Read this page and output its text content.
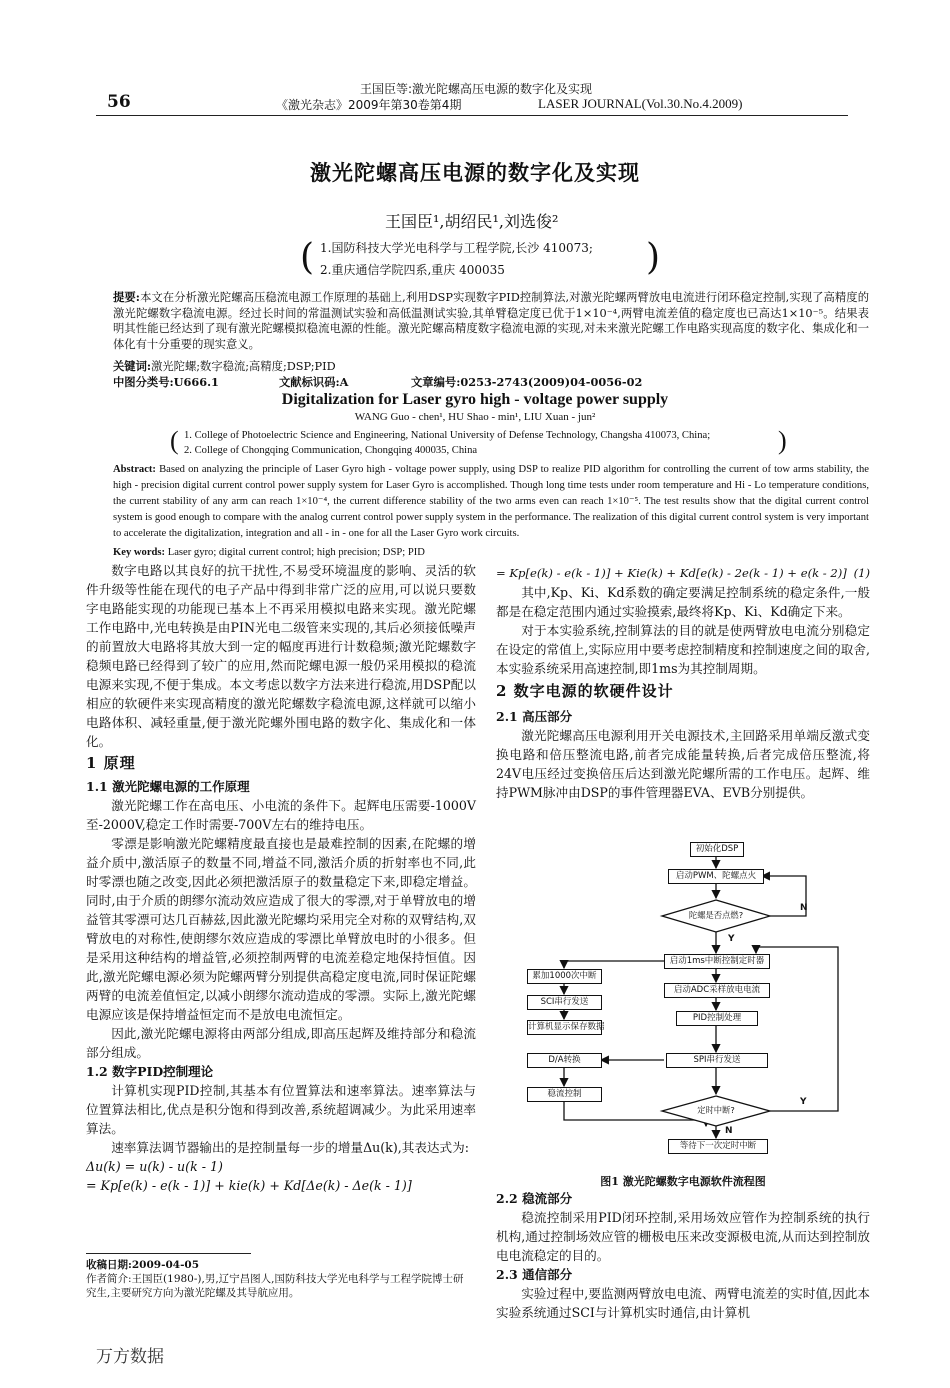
56
王国臣等:激光陀螺高压电源的数字化及实现
《激光杂志》2009年第30卷第4期	LASER JOURNAL(Vol.30.No.4.2009)
激光陀螺高压电源的数字化及实现
王国臣¹,胡绍民¹,刘选俊²
( 1.国防科技大学光电科学与工程学院,长沙 410073;
2.重庆通信学院四系,重庆 400035	)
提要:本文在分析激光陀螺高压稳流电源工作原理的基础上,利用DSP实现数字PID控制算法,对激光陀螺两臂放电电流进行闭环稳定控制,实现了高精度的激光陀螺数字稳流电源。经过长时间的常温测试实验和高低温测试实验,其单臂稳定度已优于1×10⁻⁴,两臂电流差值的稳定度也已高达1×10⁻⁵。结果表明其性能已经达到了现有激光陀螺模拟稳流电源的性能。激光陀螺高精度数字稳流电源的实现,对未来激光陀螺工作电路实现高度的数字化、集成化和一体化有十分重要的现实意义。
关键词:激光陀螺;数字稳流;高精度;DSP;PID
中图分类号:U666.1	文献标识码:A	文章编号:0253-2743(2009)04-0056-02
Digitalization for Laser gyro high - voltage power supply
WANG Guo - chen¹, HU Shao - min¹, LIU Xuan - jun²
( 1. College of Photoelectric Science and Engineering, National University of Defense Technology, Changsha 410073, China;
2. College of Chongqing Communication, Chongqing 400035, China	)
Abstract: Based on analyzing the principle of Laser Gyro high - voltage power supply, using DSP to realize PID algorithm for controlling the current of tow arms stability, the high - precision digital current control power supply system for Laser Gyro is accomplished. Though long time tests under room temperature and Hi - Lo temperature conditions, the current stability of any arm can reach 1×10⁻⁴, the current difference stability of the two arms even can reach 1×10⁻⁵. The test results show that the digital current control system is good enough to compare with the analog current control power supply system in the performance. The realization of this digital current control system is very important to accelerate the digitalization, integration and all - in - one for all the Laser Gyro work circuits.
Key words: Laser gyro; digital current control; high precision; DSP; PID
数字电路以其良好的抗干扰性,不易受环境温度的影响、灵活的软件升级等性能在现代的电子产品中得到非常广泛的应用,可以说只要数字电路能实现的功能现已基本上不再采用模拟电路来实现。激光陀螺工作电路中,光电转换是由PIN光电二级管来实现的,其后必须接低噪声的前置放大电路将其放大到一定的幅度再进行计数稳频;激光陀螺数字稳频电路已经得到了较广的应用,然而陀螺电源一般仍采用模拟的稳流电源来实现,不便于集成。本文考虑以数字方法来进行稳流,用DSP配以相应的软硬件来实现高精度的激光陀螺数字稳流电源,这样就可以缩小电路体积、减轻重量,便于激光陀螺外围电路的数字化、集成化和一体化。
1 原理
1.1 激光陀螺电源的工作原理
激光陀螺工作在高电压、小电流的条件下。起辉电压需要-1000V至-2000V,稳定工作时需要-700V左右的维持电压。
零漂是影响激光陀螺精度最直接也是最难控制的因素,在陀螺的增益介质中,激活原子的数量不同,增益不同,激活介质的折射率也不同,此时零漂也随之改变,因此必须把激活原子的数量稳定下来,即稳定增益。同时,由于介质的朗缪尔流动效应造成了很大的零漂,对于单臂放电的增益管其零漂可达几百赫兹,因此激光陀螺均采用完全对称的双臂结构,双臂放电的对称性,使朗缪尔效应造成的零漂比单臂放电时的小很多。但是采用这种结构的增益管,必须控制两臂的电流差稳定地保持恒值。因此,激光陀螺电源必须为陀螺两臂分别提供高稳定度电流,同时保证陀螺两臂的电流差值恒定,以减小朗缪尔流动造成的零漂。实际上,激光陀螺电源应该是保持增益恒定而不是放电电流恒定。
因此,激光陀螺电源将由两部分组成,即高压起辉及维持部分和稳流部分组成。
1.2 数字PID控制理论
计算机实现PID控制,其基本有位置算法和速率算法。速率算法与位置算法相比,优点是积分饱和得到改善,系统超调减少。为此采用速率算法。
速率算法调节器输出的是控制量每一步的增量Δu(k),其表达式为:
Δu(k) = u(k) - u(k - 1)
= Kp[e(k) - e(k - 1)] + kie(k) + Kd[Δe(k) - Δe(k - 1)]
收稿日期:2009-04-05
作者简介:王国臣(1980-),男,辽宁昌图人,国防科技大学光电科学与工程学院博士研究生,主要研究方向为激光陀螺及其导航应用。
= Kp[e(k) - e(k - 1)] + Kie(k) + Kd[e(k) - 2e(k - 1) + e(k - 2)] (1)
其中,Kp、Ki、Kd系数的确定要满足控制系统的稳定条件,一般都是在稳定范围内通过实验摸索,最终将Kp、Ki、Kd确定下来。
对于本实验系统,控制算法的目的就是使两臂放电电流分别稳定在设定的常值上,实际应用中要考虑控制精度和控制速度之间的取舍,本实验系统采用高速控制,即1ms为其控制周期。
2 数字电源的软硬件设计
2.1 高压部分
激光陀螺高压电源利用开关电源技术,主回路采用单端反激式变换电路和倍压整流电路,前者完成能量转换,后者完成倍压整流,将24V电压经过变换倍压后达到激光陀螺所需的工作电压。起辉、维持PWM脉冲由DSP的事件管理器EVA、EVB分别提供。
初始化DSP
启动PWM、陀螺点火
陀螺是否点燃?
N
Y
启动1ms中断控制定时器
累加1000次中断
启动ADC采样放电电流
SCI串行发送
PID控制处理
计算机显示保存数据
SPI串行发送
D/A转换
稳流控制
定时中断?
Y
N
等待下一次定时中断
图1 激光陀螺数字电源软件流程图
2.2 稳流部分
稳流控制采用PID闭环控制,采用场效应管作为控制系统的执行机构,通过控制场效应管的栅极电压来改变源极电流,从而达到控制放电电流稳定的目的。
2.3 通信部分
实验过程中,要监测两臂放电电流、两臂电流差的实时值,因此本实验系统通过SCI与计算机实时通信,由计算机
万方数据
